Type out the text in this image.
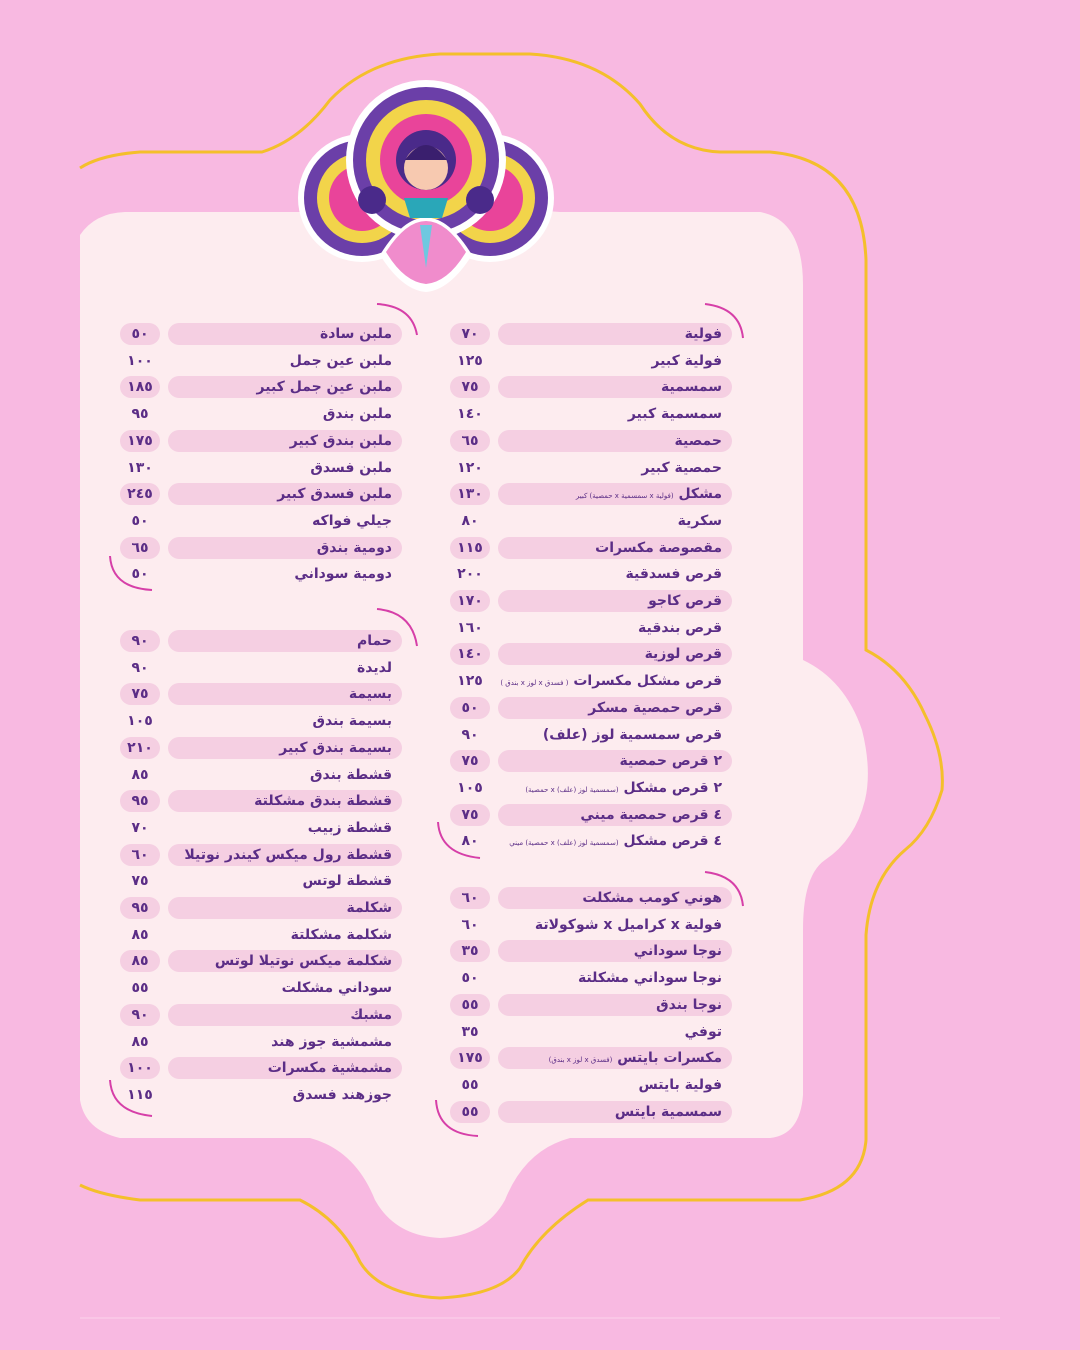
٧٠	فولية
١٢٥	فولية كبير
٧٥	سمسمية
١٤٠	سمسمية كبير
٦٥	حمصية
١٢٠	حمصية كبير
١٣٠	مشكل (فولية x سمسمية x حمصية) كبير
٨٠	سكرية
١١٥	مقصوصة مكسرات
٢٠٠	قرص فسدقية
١٧٠	قرص كاجو
١٦٠	قرص بندقية
١٤٠	قرص لوزية
١٢٥	قرص مشكل مكسرات ( فسدق x لوز x بندق )
٥٠	قرص حمصية مسكر
٩٠	قرص سمسمية لوز (علف)
٧٥	٢ قرص حمصية
١٠٥	٢ قرص مشكل (سمسمية لوز (علف) x حمصية)
٧٥	٤ قرص حمصية ميني
٨٠	٤ قرص مشكل (سمسمية لوز (علف) x حمصية) ميني
٦٠	هوني كومب مشكلت
٦٠	فولية x كراميل x شوكولاتة
٣٥	نوجا سوداني
٥٠	نوجا سوداني مشكلتة
٥٥	نوجا بندق
٣٥	توفي
١٧٥	مكسرات بايتس (فسدق x لوز x بندق)
٥٥	فولية بايتس
٥٥	سمسمية بايتس
٥٠	ملبن سادة
١٠٠	ملبن عين جمل
١٨٥	ملبن عين جمل كبير
٩٥	ملبن بندق
١٧٥	ملبن بندق كبير
١٣٠	ملبن فسدق
٢٤٥	ملبن فسدق كبير
٥٠	جيلي فواكه
٦٥	دومية بندق
٥٠	دومية سوداني
٩٠	حمام
٩٠	لديدة
٧٥	بسيمة
١٠٥	بسيمة بندق
٢١٠	بسيمة بندق كبير
٨٥	قشطة بندق
٩٥	قشطة بندق مشكلتة
٧٠	قشطة زبيب
٦٠	قشطة رول ميكس كيندر نوتيلا
٧٥	قشطة لوتس
٩٥	شكلمة
٨٥	شكلمة مشكلتة
٨٥	شكلمة ميكس نوتيلا لوتس
٥٥	سوداني مشكلت
٩٠	مشبك
٨٥	مشمشية جوز هند
١٠٠	مشمشية مكسرات
١١٥	جوزهند فسدق
